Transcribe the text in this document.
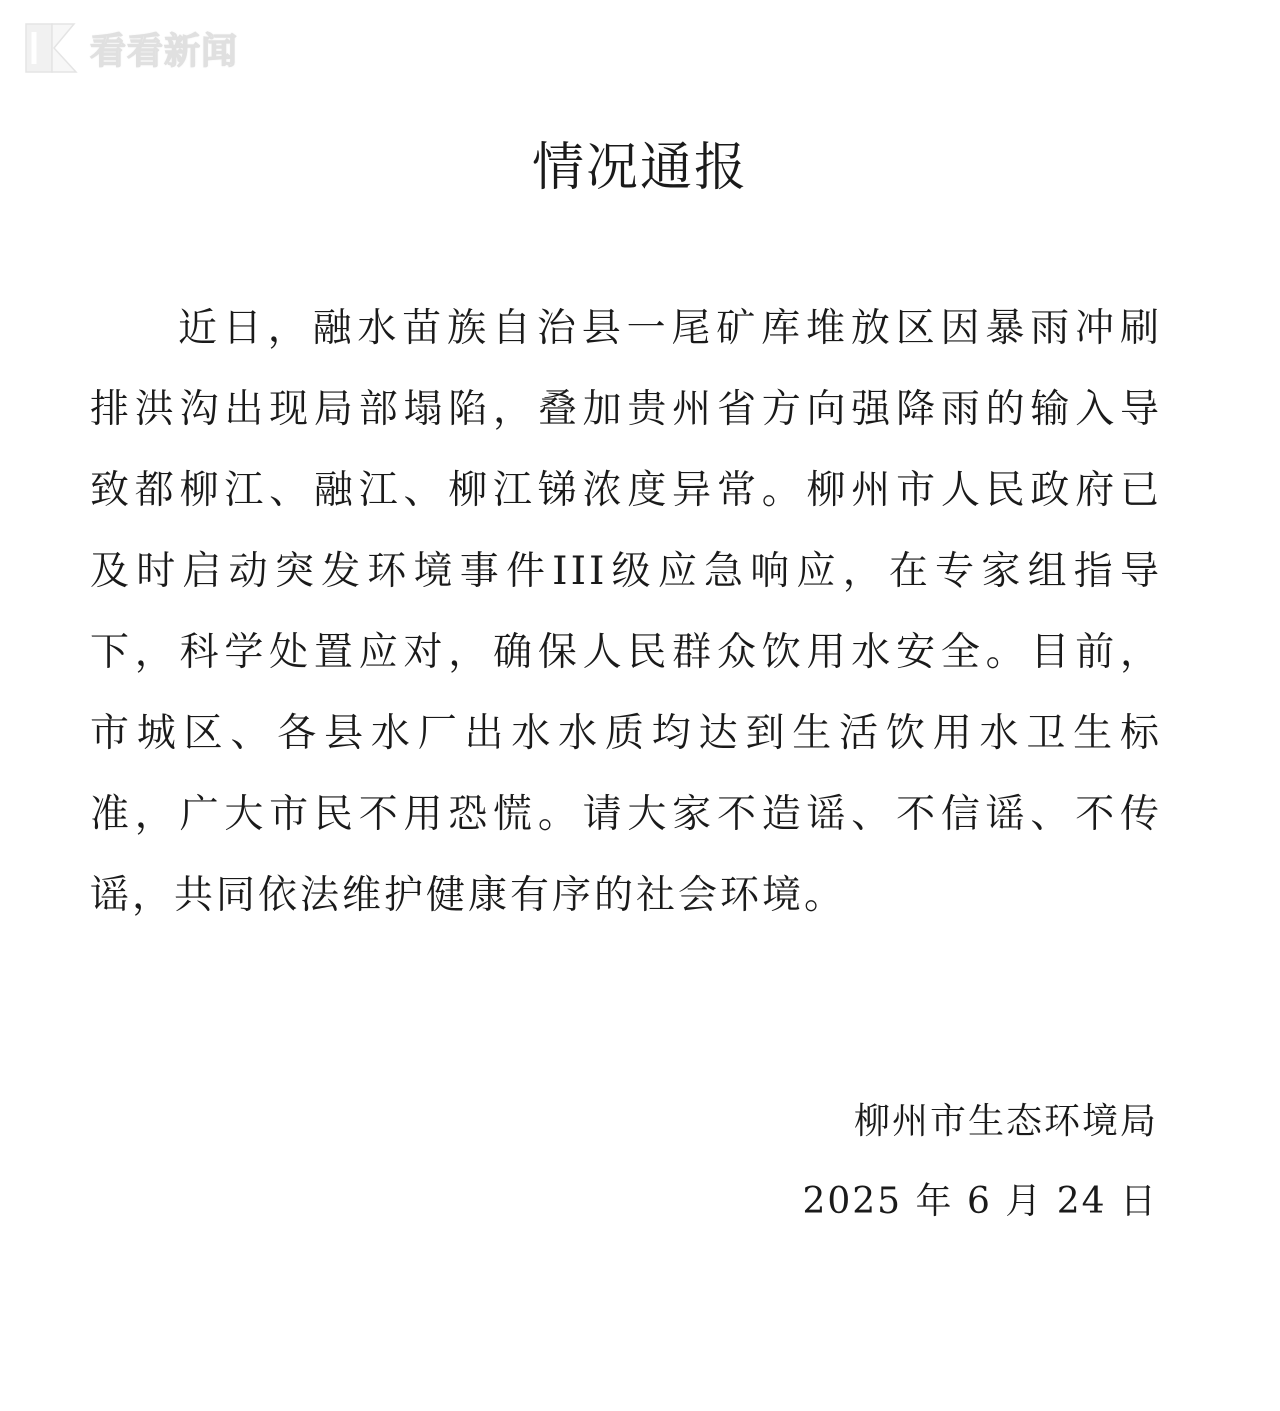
看看新闻
情况通报
近日，融水苗族自治县一尾矿库堆放区因暴雨冲刷
排洪沟出现局部塌陷，叠加贵州省方向强降雨的输入导
致都柳江、融江、柳江锑浓度异常。柳州市人民政府已
及时启动突发环境事件III级应急响应，在专家组指导
下，科学处置应对，确保人民群众饮用水安全。目前，
市城区、各县水厂出水水质均达到生活饮用水卫生标
准，广大市民不用恐慌。请大家不造谣、不信谣、不传
谣，共同依法维护健康有序的社会环境。
柳州市生态环境局
2025 年 6 月 24 日
